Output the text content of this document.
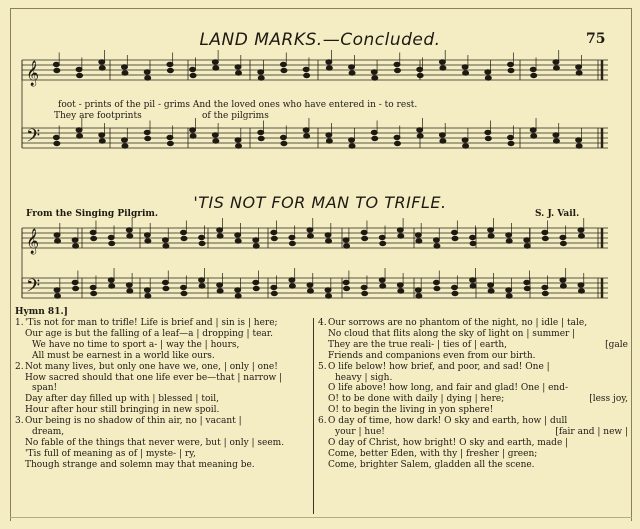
LAND MARKS.—Concluded.	75
𝄞
𝄢
𝄞
𝄢
foot - prints of the pil - grims And the loved ones who have entered in - to rest.
They are footprints	of the pilgrims
'TIS NOT FOR MAN TO TRIFLE.
From the Singing Pilgrim.	S. J. Vail.
Hymn 81.]
1. 'Tis not for man to trifle! Life is brief and | sin is | here;
Our age is but the falling of a leaf—a | dropping | tear.
We have no time to sport a- | way the | hours,
All must be earnest in a world like ours.
2. Not many lives, but only one have we, one, | only | one!
How sacred should that one life ever be—that | narrow |
span!
Day after day filled up with | blessed | toil,
Hour after hour still bringing in new spoil.
3. Our being is no shadow of thin air, no | vacant |
dream,
No fable of the things that never were, but | only | seem.
'Tis full of meaning as of | myste- | ry,
Though strange and solemn may that meaning be.
4. Our sorrows are no phantom of the night, no | idle | tale,
No cloud that flits along the sky of light on | summer |
They are the true reali- | ties of | earth,	[gale
Friends and companions even from our birth.
5. O life below! how brief, and poor, and sad! One |
heavy | sigh.
O life above! how long, and fair and glad! One | end-
O! to be done with daily | dying | here;	[less joy,
O! to begin the living in yon sphere!
6. O day of time, how dark! O sky and earth, how | dull
your | hue!	[fair and | new |
O day of Christ, how bright! O sky and earth, made |
Come, better Eden, with thy | fresher | green;
Come, brighter Salem, gladden all the scene.
